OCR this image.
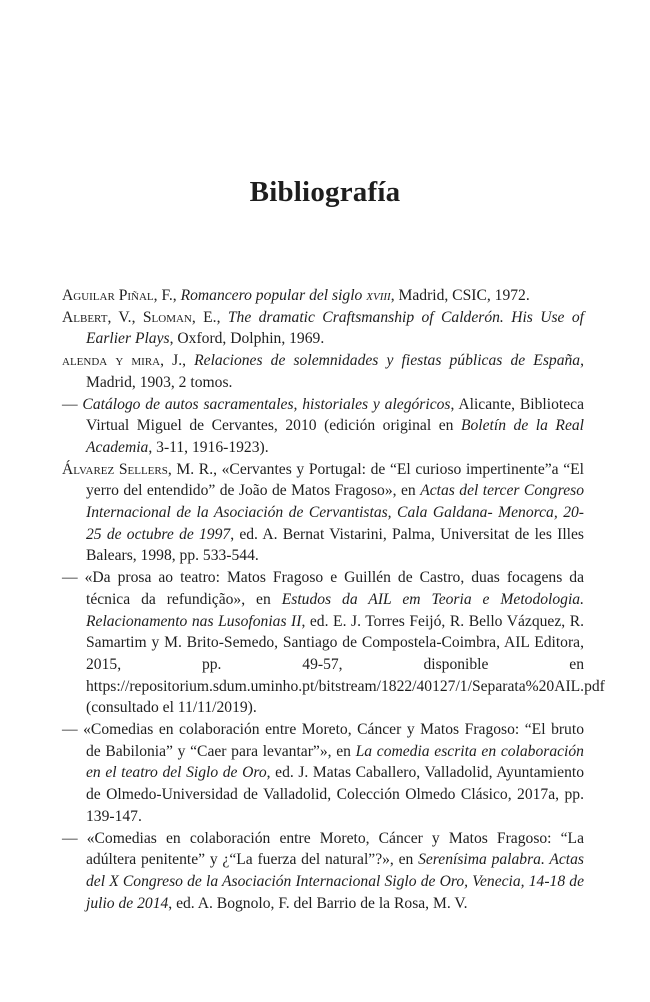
Bibliografía
Aguilar Piñal, F., Romancero popular del siglo xviii, Madrid, CSIC, 1972.
Albert, V., Sloman, E., The dramatic Craftsmanship of Calderón. His Use of Earlier Plays, Oxford, Dolphin, 1969.
alenda y mira, J., Relaciones de solemnidades y fiestas públicas de España, Madrid, 1903, 2 tomos.
— Catálogo de autos sacramentales, historiales y alegóricos, Alicante, Biblioteca Virtual Miguel de Cervantes, 2010 (edición original en Boletín de la Real Academia, 3-11, 1916-1923).
Álvarez Sellers, M. R., «Cervantes y Portugal: de “El curioso impertinente”a “El yerro del entendido” de João de Matos Fragoso», en Actas del tercer Congreso Internacional de la Asociación de Cervantistas, Cala Galdana- Menorca, 20-25 de octubre de 1997, ed. A. Bernat Vistarini, Palma, Universitat de les Illes Balears, 1998, pp. 533-544.
— «Da prosa ao teatro: Matos Fragoso e Guillén de Castro, duas focagens da técnica da refundição», en Estudos da AIL em Teoria e Metodologia. Relacionamento nas Lusofonias II, ed. E. J. Torres Feijó, R. Bello Vázquez, R. Samartim y M. Brito-Semedo, Santiago de Compostela-Coimbra, AIL Editora, 2015, pp. 49-57, disponible en https://repositorium.sdum.uminho.pt/bitstream/1822/40127/1/Separata%20AIL.pdf (consultado el 11/11/2019).
— «Comedias en colaboración entre Moreto, Cáncer y Matos Fragoso: “El bruto de Babilonia” y “Caer para levantar”», en La comedia escrita en colaboración en el teatro del Siglo de Oro, ed. J. Matas Caballero, Valladolid, Ayuntamiento de Olmedo-Universidad de Valladolid, Colección Olmedo Clásico, 2017a, pp. 139-147.
— «Comedias en colaboración entre Moreto, Cáncer y Matos Fragoso: “La adúltera penitente” y ¿“La fuerza del natural”?», en Serenísima palabra. Actas del X Congreso de la Asociación Internacional Siglo de Oro, Venecia, 14-18 de julio de 2014, ed. A. Bognolo, F. del Barrio de la Rosa, M. V.
